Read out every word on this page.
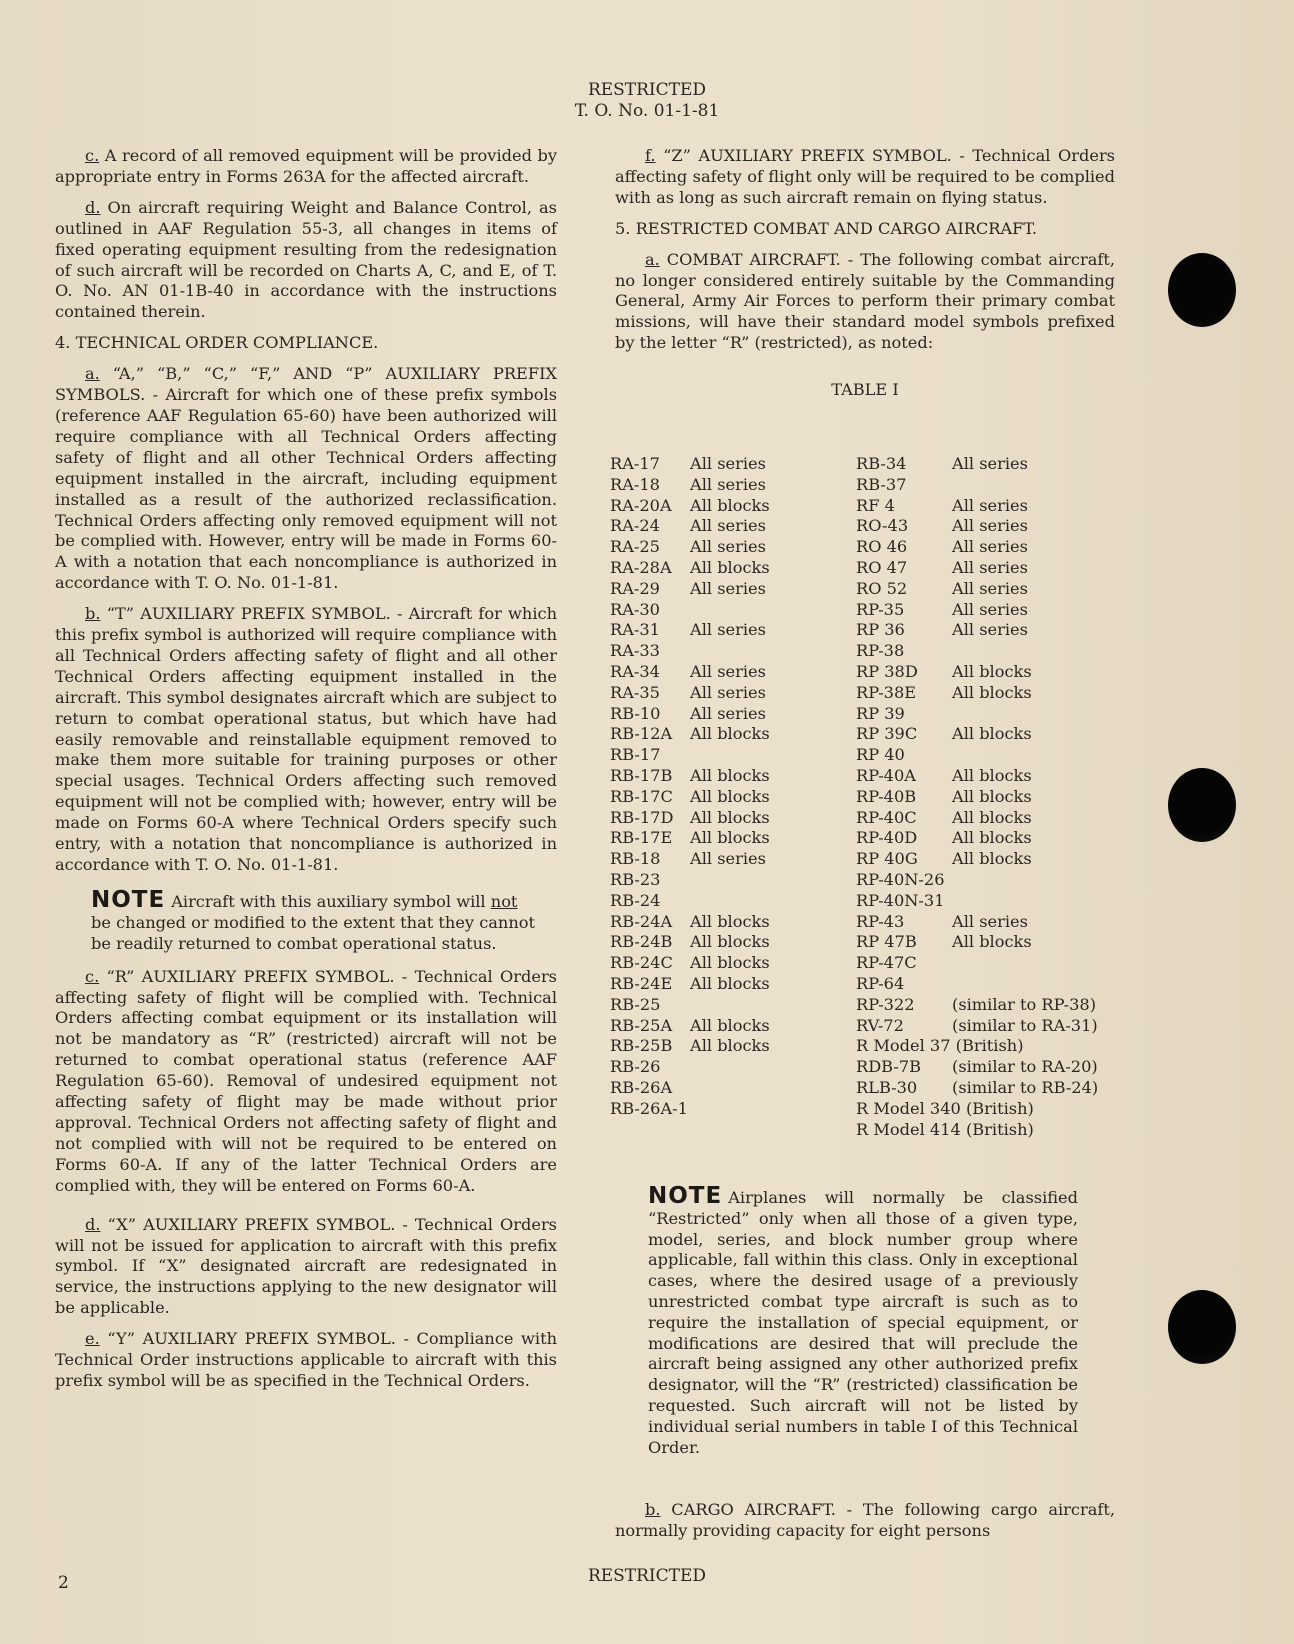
RESTRICTED
T. O. No. 01-1-81

c. A record of all removed equipment will be provided by appropriate entry in Forms 263A for the affected aircraft.

d. On aircraft requiring Weight and Balance Control, as outlined in AAF Regulation 55-3, all changes in items of fixed operating equipment resulting from the redesignation of such aircraft will be recorded on Charts A, C, and E, of T. O. No. AN 01-1B-40 in accordance with the instructions contained therein.

4. TECHNICAL ORDER COMPLIANCE.

a. “A,” “B,” “C,” “F,” AND “P” AUXILIARY PREFIX SYMBOLS. - Aircraft for which one of these prefix symbols (reference AAF Regulation 65-60) have been authorized will require compliance with all Technical Orders affecting safety of flight and all other Technical Orders affecting equipment installed in the aircraft, including equipment installed as a result of the authorized reclassification. Technical Orders affecting only removed equipment will not be complied with. However, entry will be made in Forms 60-A with a notation that each noncompliance is authorized in accordance with T. O. No. 01-1-81.

b. “T” AUXILIARY PREFIX SYMBOL. - Aircraft for which this prefix symbol is authorized will require compliance with all Technical Orders affecting safety of flight and all other Technical Orders affecting equipment installed in the aircraft. This symbol designates aircraft which are subject to return to combat operational status, but which have had easily removable and reinstallable equipment removed to make them more suitable for training purposes or other special usages. Technical Orders affecting such removed equipment will not be complied with; however, entry will be made on Forms 60-A where Technical Orders specify such entry, with a notation that noncompliance is authorized in accordance with T. O. No. 01-1-81.

NOTE Aircraft with this auxiliary symbol will not be changed or modified to the extent that they cannot be readily returned to combat operational status.

c. “R” AUXILIARY PREFIX SYMBOL. - Technical Orders affecting safety of flight will be complied with. Technical Orders affecting combat equipment or its installation will not be mandatory as “R” (restricted) aircraft will not be returned to combat operational status (reference AAF Regulation 65-60). Removal of undesired equipment not affecting safety of flight may be made without prior approval. Technical Orders not affecting safety of flight and not complied with will not be required to be entered on Forms 60-A. If any of the latter Technical Orders are complied with, they will be entered on Forms 60-A.

d. “X” AUXILIARY PREFIX SYMBOL. - Technical Orders will not be issued for application to aircraft with this prefix symbol. If “X” designated aircraft are redesignated in service, the instructions applying to the new designator will be applicable.

e. “Y” AUXILIARY PREFIX SYMBOL. - Compliance with Technical Order instructions applicable to aircraft with this prefix symbol will be as specified in the Technical Orders.

f. “Z” AUXILIARY PREFIX SYMBOL. - Technical Orders affecting safety of flight only will be required to be complied with as long as such aircraft remain on flying status.

5. RESTRICTED COMBAT AND CARGO AIRCRAFT.

a. COMBAT AIRCRAFT. - The following combat aircraft, no longer considered entirely suitable by the Commanding General, Army Air Forces to perform their primary combat missions, will have their standard model symbols prefixed by the letter “R” (restricted), as noted:

TABLE I
RA-17 All series
RA-18 All series
RA-20A All blocks
RA-24 All series
RA-25 All series
RA-28A All blocks
RA-29 All series
RA-30
RA-31 All series
RA-33
RA-34 All series
RA-35 All series
RB-10 All series
RB-12A All blocks
RB-17
RB-17B All blocks
RB-17C All blocks
RB-17D All blocks
RB-17E All blocks
RB-18 All series
RB-23
RB-24
RB-24A All blocks
RB-24B All blocks
RB-24C All blocks
RB-24E All blocks
RB-25
RB-25A All blocks
RB-25B All blocks
RB-26
RB-26A
RB-26A-1
RB-34	All series
RB-37
RF 4	All series
RO-43	All series
RO 46	All series
RO 47	All series
RO 52	All series
RP-35	All series
RP 36	All series
RP-38
RP 38D All blocks
RP-38E All blocks
RP 39
RP 39C All blocks
RP 40
RP-40A All blocks
RP-40B All blocks
RP-40C All blocks
RP-40D All blocks
RP 40G All blocks
RP-40N-26
RP-40N-31
RP-43	All series
RP 47B All blocks
RP-47C
RP-64
RP-322 (similar to RP-38)
RV-72	(similar to RA-31)
R Model 37 (British)
RDB-7B (similar to RA-20)
RLB-30 (similar to RB-24)
R Model 340 (British)
R Model 414 (British)
NOTE Airplanes will normally be classified “Restricted” only when all those of a given type, model, series, and block number group where applicable, fall within this class. Only in exceptional cases, where the desired usage of a previously unrestricted combat type aircraft is such as to require the installation of special equipment, or modifications are desired that will preclude the aircraft being assigned any other authorized prefix designator, will the “R” (restricted) classification be requested. Such aircraft will not be listed by individual serial numbers in table I of this Technical Order.

b. CARGO AIRCRAFT. - The following cargo aircraft, normally providing capacity for eight persons

2	RESTRICTED
